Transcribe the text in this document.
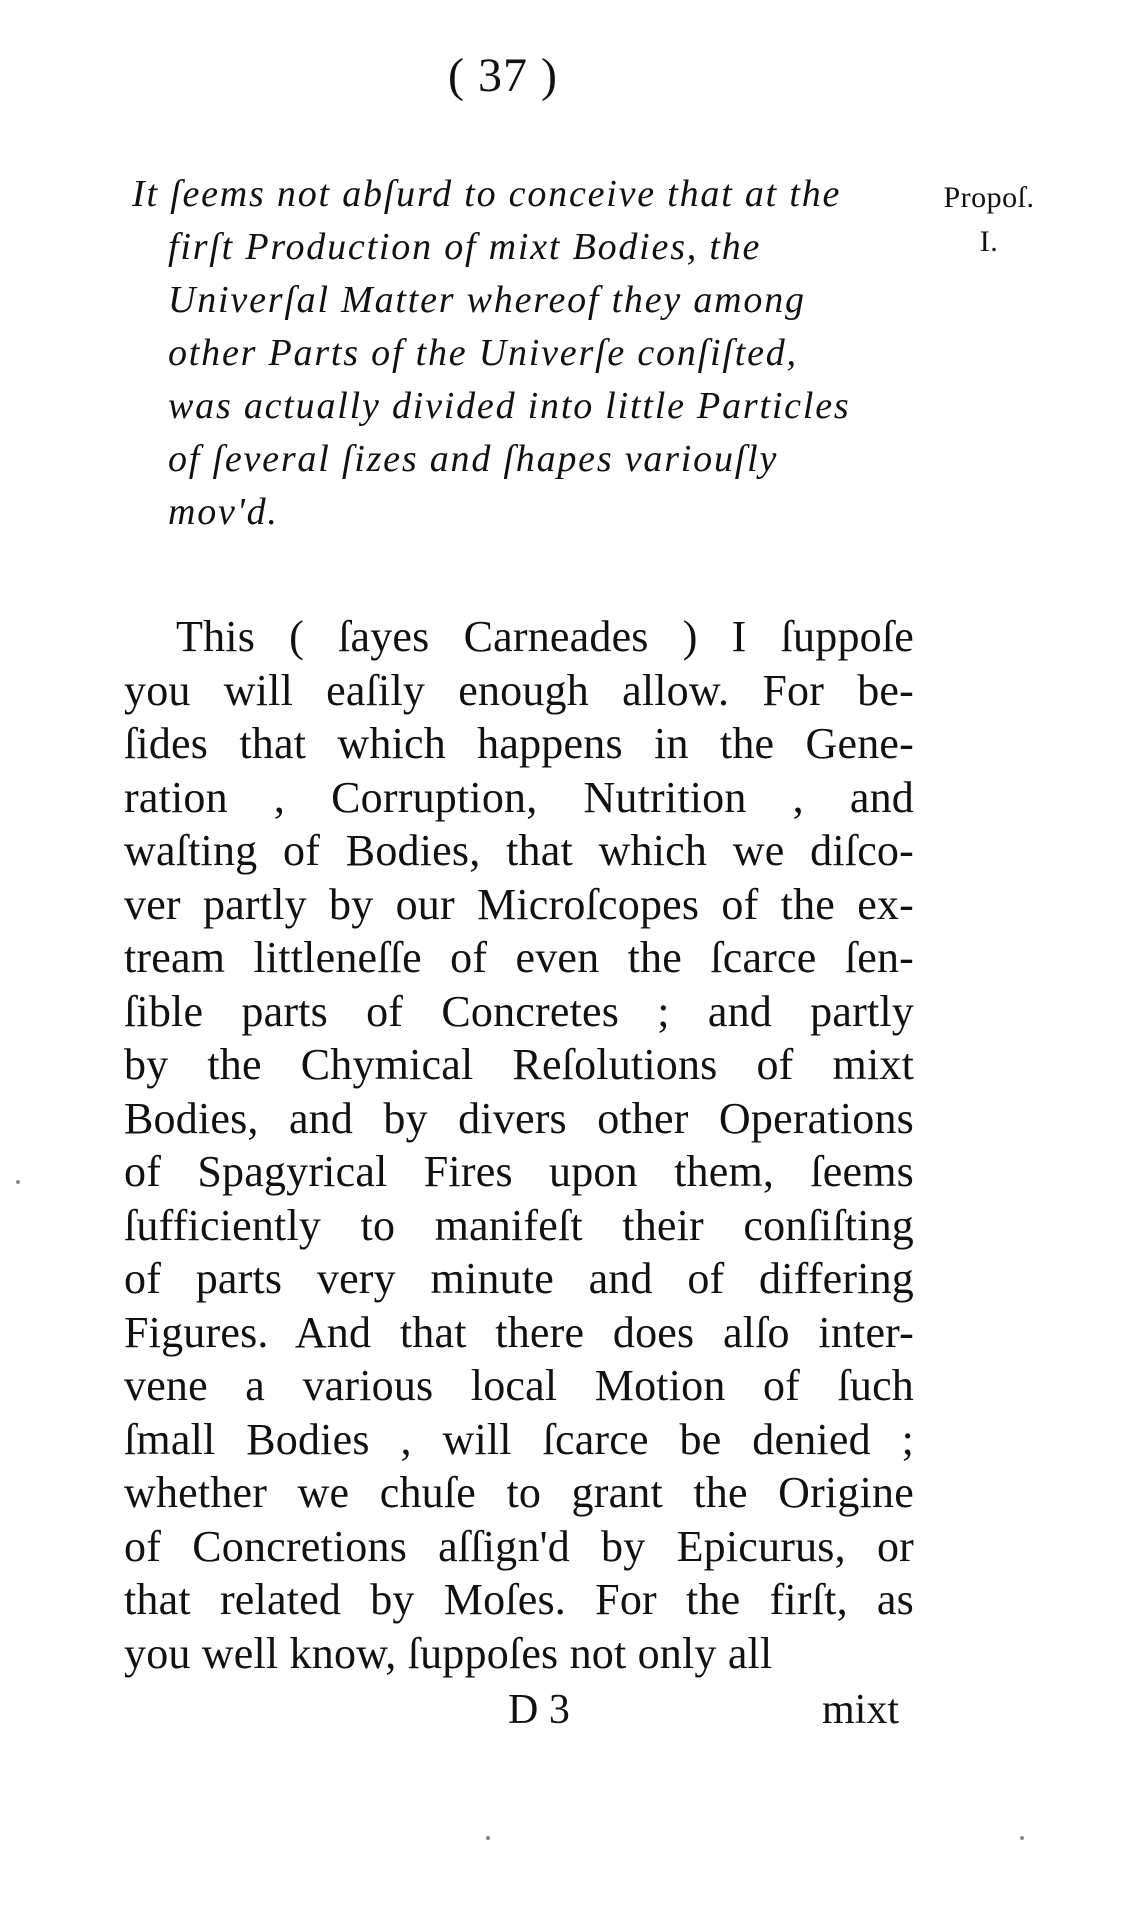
( 37 )
It ſeems not abſurd to conceive that at the
firſt Production of mixt Bodies, the
Univerſal Matter whereof they among
other Parts of the Univerſe conſiſted,
was actually divided into little Particles
of ſeveral ſizes and ſhapes variouſly
mov'd.
Propoſ.
I.
This ( ſayes Carneades ) I ſuppoſe
you will eaſily enough allow. For be-
ſides that which happens in the Gene-
ration , Corruption, Nutrition , and
waſting of Bodies, that which we diſco-
ver partly by our Microſcopes of the ex-
tream littleneſſe of even the ſcarce ſen-
ſible parts of Concretes ; and partly
by the Chymical Reſolutions of mixt
Bodies, and by divers other Operations
of Spagyrical Fires upon them, ſeems
ſufficiently to manifeſt their conſiſting
of parts very minute and of differing
Figures. And that there does alſo inter-
vene a various local Motion of ſuch
ſmall Bodies , will ſcarce be denied ;
whether we chuſe to grant the Origine
of Concretions aſſign'd by Epicurus, or
that related by Moſes. For the firſt, as
you well know, ſuppoſes not only all
D 3	mixt
